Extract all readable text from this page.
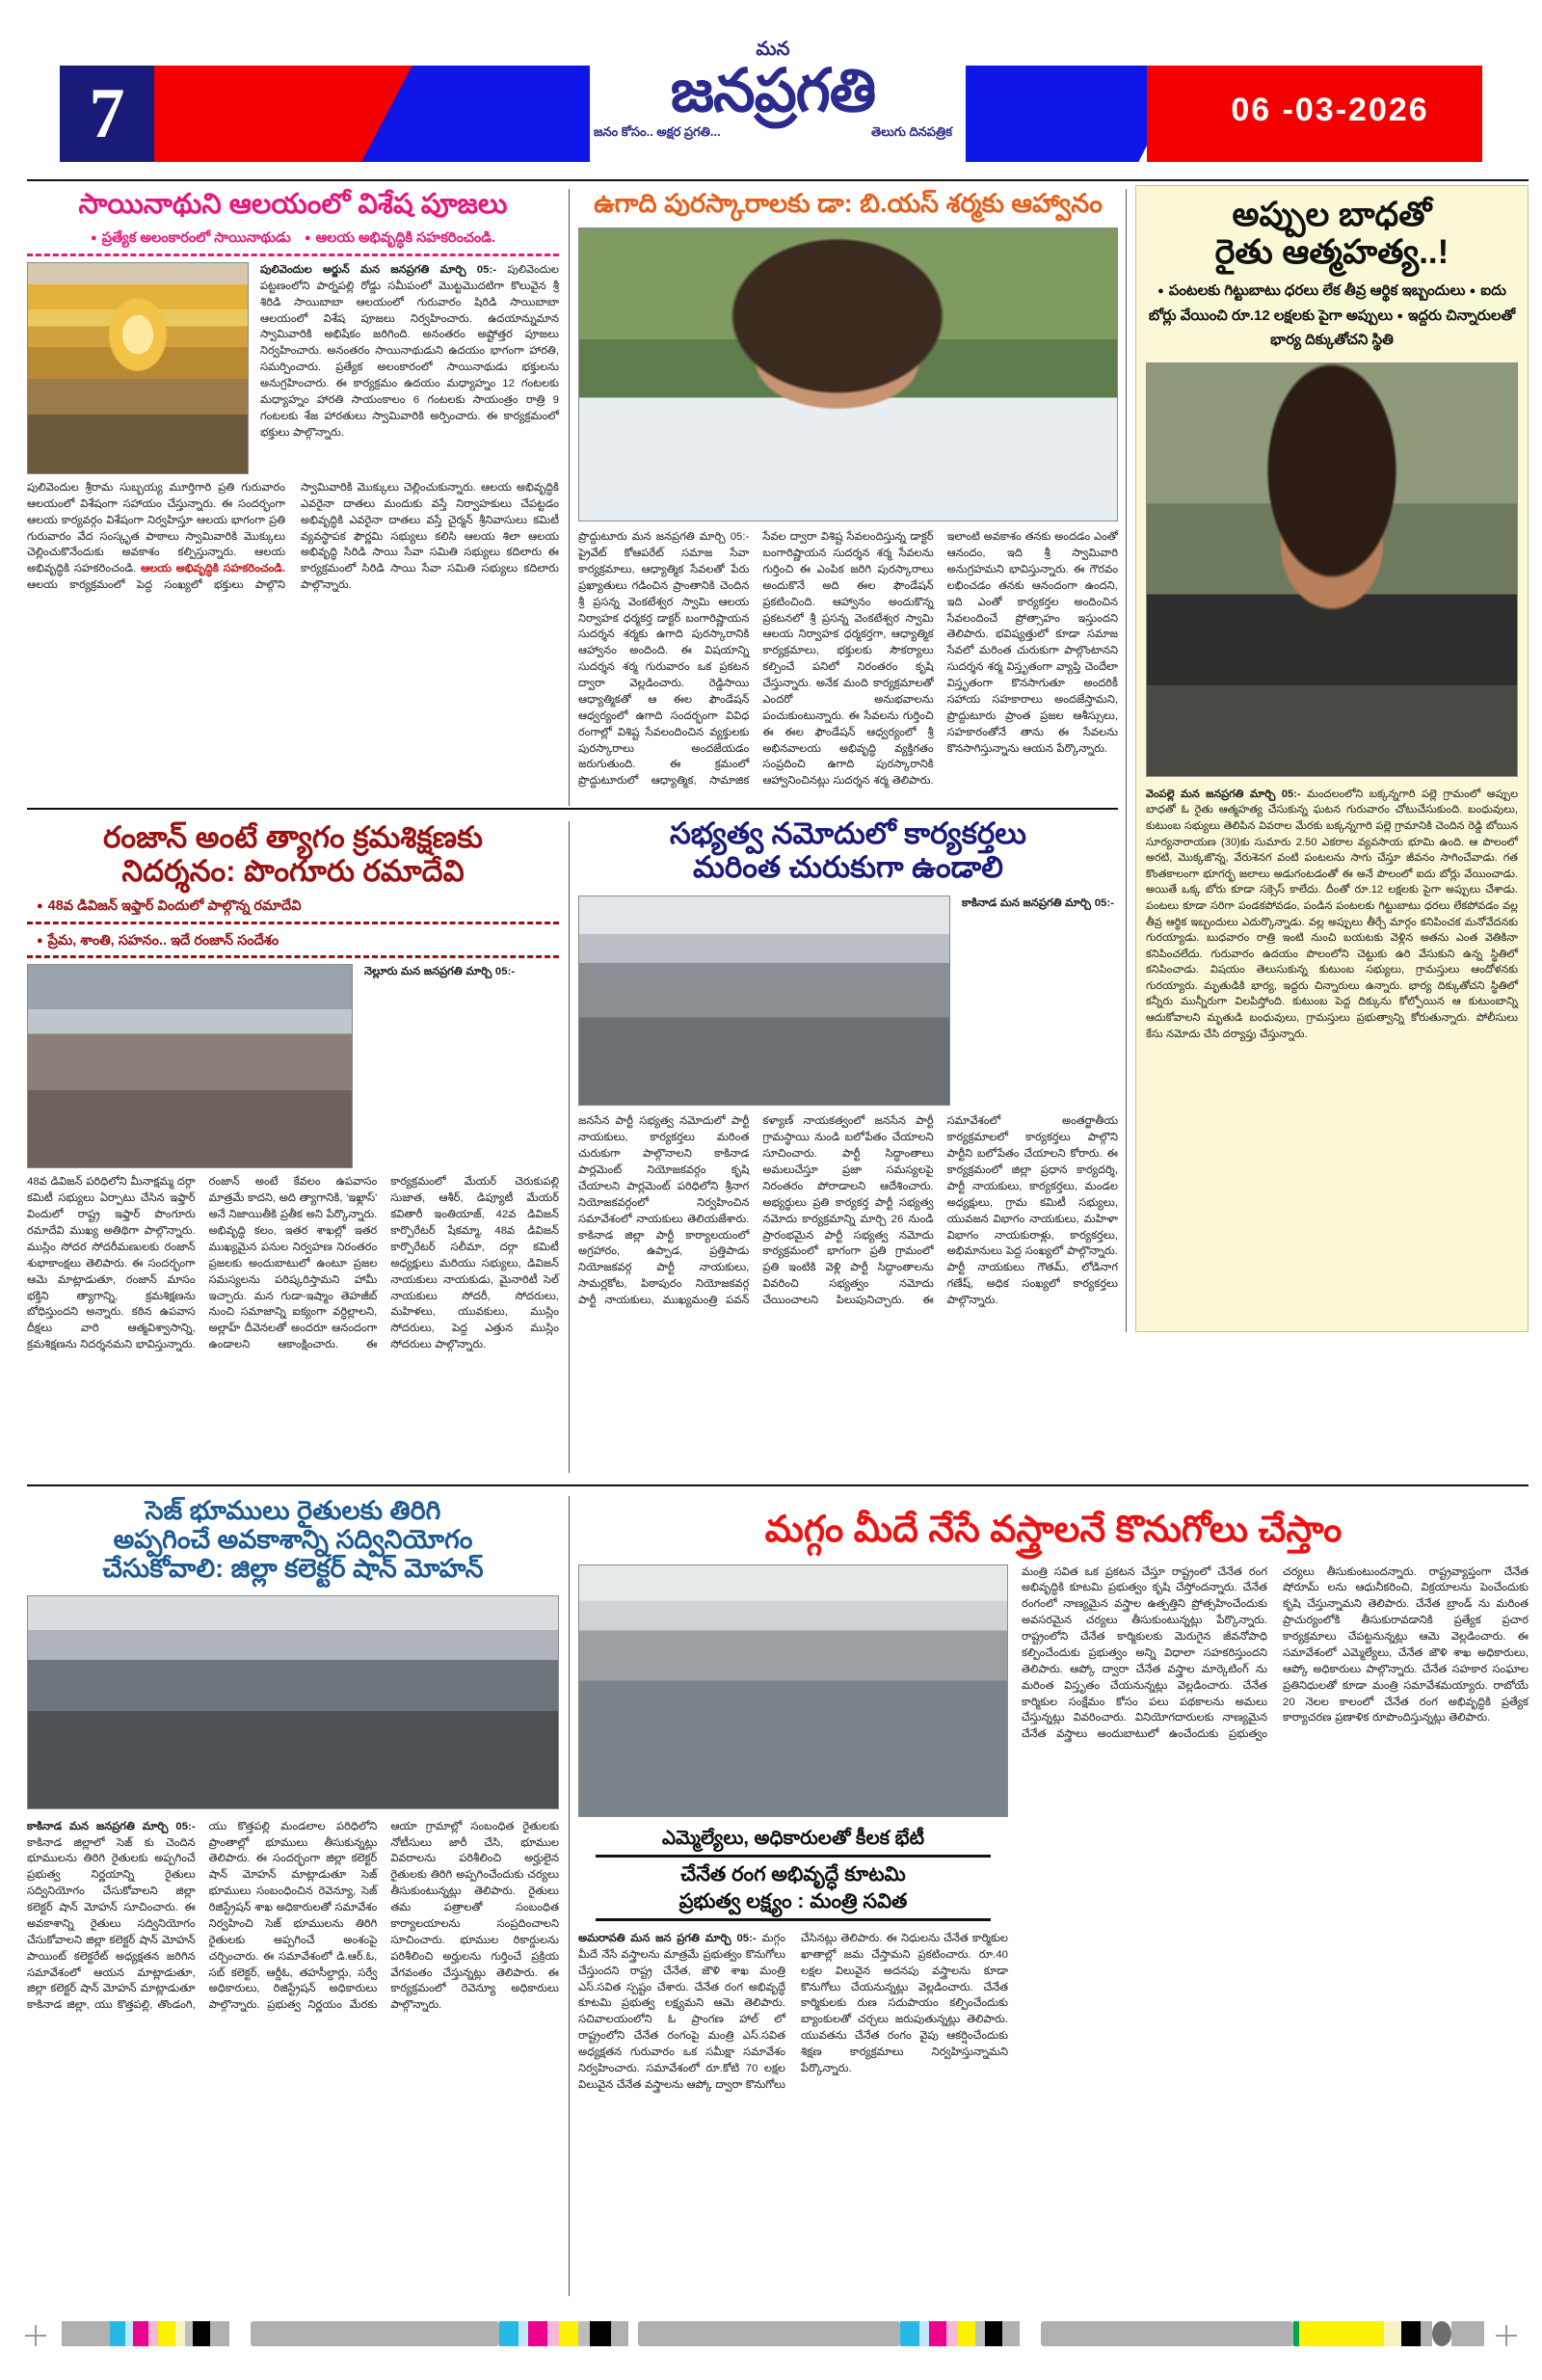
7	06 -03-2026
మన
జనప్రగతి
జనం కోసం.. అక్షర ప్రగతి...	తెలుగు దినపత్రిక
సాయినాథుని ఆలయంలో విశేష పూజలు
● ప్రత్యేక అలంకారంలో సాయినాథుడు ● ఆలయ అభివృద్ధికి సహకరించండి.
పులివెందుల అర్జున్ మన జనప్రగతి మార్చి 05:- పులివెందుల పట్టణంలోని పార్నపల్లి రోడ్డు సమీపంలో మొట్టమొదటిగా కొలువైన శ్రీ శిరిడి సాయిబాబా ఆలయంలో గురువారం షిరిడి సాయిబాబా ఆలయంలో విశేష పూజలు నిర్వహించారు. ఉదయాన్నుమాన స్వామివారికి అభిషేకం జరిగింది. అనంతరం అష్టోత్తర పూజలు నిర్వహించారు. అనంతరం సాయినాథుడుని ఉదయం భాగంగా హారతి, సమర్పించారు. ప్రత్యేక అలంకారంలో సాయినాథుడు భక్తులను అనుగ్రహించారు. ఈ కార్యక్రమం ఉదయం మధ్యాహ్నం 12 గంటలకు మధ్యాహ్నం హారతి సాయంకాలం 6 గంటలకు సాయంత్రం రాత్రి 9 గంటలకు శేజ హారతులు స్వామివారికి అర్పించారు. ఈ కార్యక్రమంలో భక్తులు పాల్గొన్నారు.
పులివెందుల శ్రీరామ సుబ్బయ్య మూర్తిగారి ప్రతి గురువారం ఆలయంలో విశేషంగా సహాయం చేస్తున్నారు. ఈ సందర్భంగా ఆలయ కార్యవర్గం విశేషంగా నిర్వహిస్తూ ఆలయ భాగంగా ప్రతి గురువారం వేద సంస్కృత పాఠాలు స్వామివారికి మొక్కులు చెల్లించుకొనేందుకు అవకాశం కల్పిస్తున్నారు. ఆలయ అభివృద్ధికి సహకరించండి. ఆలయ అభివృద్ధికి సహకరించండి. ఆలయ కార్యక్రమంలో పెద్ద సంఖ్యలో భక్తులు పాల్గొని స్వామివారికి మొక్కులు చెల్లించుకున్నారు. ఆలయ అభివృద్ధికి ఎవరైనా దాతలు మందుకు వస్తే నిర్వాహకులు చేపట్టడం అభివృద్ధికి ఎవరైనా దాతలు వస్తే చైర్మన్ శ్రీనివాసులు కమిటీ వ్యవస్థాపక ఫౌర్ణమి సభ్యులు కలిసి ఆలయ శిలా ఆలయ అభివృద్ధి సిరిడి సాయి సేవా సమితి సభ్యులు కదిలారు ఈ కార్యక్రమంలో సిరిడి సాయి సేవా సమితి సభ్యులు కదిలారు పాల్గొన్నారు.
ఉగాది పురస్కారాలకు డా: బి.యస్ శర్మకు ఆహ్వానం
ప్రొద్దుటూరు మన జనప్రగతి మార్చి 05:- ప్రైవేట్ కోఆపరేట్ సమాజ సేవా కార్యక్రమాలు, ఆధ్యాత్మిక సేవలతో పేరు ప్రఖ్యాతులు గడించిన ప్రాంతానికి చెందిన శ్రీ ప్రసన్న వెంకటేశ్వర స్వామి ఆలయ నిర్వాహక ధర్మకర్త డాక్టర్ బంగారిష్ణాయన సుదర్శన శర్మకు ఉగాది పురస్కారానికి ఆహ్వానం అందింది. ఈ విషయాన్ని సుదర్శన శర్మ గురువారం ఒక ప్రకటన ద్వారా వెల్లడించారు. రెడ్డిసాయి ఆధ్యాత్మికతో ఆ ఈల ఫౌండేషన్ ఆధ్వర్యంలో ఉగాది సందర్భంగా వివిధ రంగాల్లో విశిష్ట సేవలందించిన వ్యక్తులకు పురస్కారాలు అందజేయడం జరుగుతుంది. ఈ క్రమంలో ప్రొద్దుటూరులో ఆధ్యాత్మిక, సామాజిక సేవల ద్వారా విశిష్ట సేవలందిస్తున్న డాక్టర్ బంగారిష్ణాయన సుదర్శన శర్మ సేవలను గుర్తించి ఈ ఎంపిక జరిగి పురస్కారాలు అందుకొనే అది ఈల ఫౌండేషన్ ప్రకటించింది. ఆహ్వానం అందుకొన్న ప్రకటనలో శ్రీ ప్రసన్న వెంకటేశ్వర స్వామి ఆలయ నిర్వాహక ధర్మకర్తగా, ఆధ్యాత్మిక కార్యక్రమాలు, భక్తులకు సౌకర్యాలు కల్పించే పనిలో నిరంతరం కృషి చేస్తున్నారు. అనేక మంది కార్యక్రమాలతో ఎందరో అనుభవాలను పంచుకుంటున్నారు. ఈ సేవలను గుర్తించి ఈ ఈల ఫౌండేషన్ ఆధ్వర్యంలో శ్రీ అభినవాలయ అభివృద్ధి వ్యక్తిగతం సంప్రదించి ఉగాది పురస్కారానికి ఆహ్వానించినట్లు సుదర్శన శర్మ తెలిపారు. ఇలాంటి అవకాశం తనకు అందడం ఎంతో ఆనందం, ఇది శ్రీ స్వామివారి అనుగ్రహమని భావిస్తున్నారు. ఈ గౌరవం లభించడం తనకు ఆనందంగా ఉందని, ఇది ఎంతో కార్యకర్తల అందించిన సేవలందించే ప్రోత్సాహం ఇస్తుందని తెలిపారు. భవిష్యత్తులో కూడా సమాజ సేవలో మరింత చురుకుగా పాల్గొంటానని సుదర్శన శర్మ విస్తృతంగా వ్యాప్తి చెందేలా విస్తృతంగా కొనసాగుతూ అందరికీ సహాయ సహకారాలు అందజేస్తామని, ప్రొద్దుటూరు ప్రాంత ప్రజల ఆశీస్సులు, సహకారంతోనే తాను ఈ సేవలను కొనసాగిస్తున్నాను ఆయన పేర్కొన్నారు.
అప్పుల బాధతో
రైతు ఆత్మహత్య..!
● పంటలకు గిట్టుబాటు ధరలు లేక తీవ్ర ఆర్థిక ఇబ్బందులు ● ఐదు బోర్లు వేయించి రూ.12 లక్షలకు పైగా అప్పులు ● ఇద్దరు చిన్నారులతో భార్య దిక్కుతోచని స్థితి
వెంపల్లె మన జనప్రగతి మార్చి 05:- మందలంలోని బక్కన్నగారి పల్లె గ్రామంలో అప్పుల బాధతో ఓ రైతు ఆత్మహత్య చేసుకున్న ఘటన గురువారం చోటుచేసుకుంది. బంధువులు, కుటుంబ సభ్యులు తెలిపిన వివరాల మేరకు బక్కన్నగారి పల్లె గ్రామానికి చెందిన రెడ్డి బోయిన సూర్యనారాయణ (30)కు సుమారు 2.50 ఎకరాల వ్యవసాయ భూమి ఉంది. ఆ పొలంలో అరటి, మొక్కజొన్న, వేరుశెనగ వంటి పంటలను సాగు చేస్తూ జీవనం సాగించేవాడు. గత కొంతకాలంగా భూగర్భ జలాలు అడుగంటడంతో ఈ అనే పొలంలో ఐదు బోర్లు వేయించాడు. అయితే ఒక్క బోరు కూడా సక్సెస్ కాలేదు. దీంతో రూ.12 లక్షలకు పైగా అప్పులు చేశాడు. పంటలు కూడా సరిగా పండకపోవడం, పండిన పంటలకు గిట్టుబాటు ధరలు లేకపోవడం వల్ల తీవ్ర ఆర్థిక ఇబ్బందులు ఎదుర్కొన్నాడు. వల్ల అప్పులు తీర్చే మార్గం కనిపించక మనోవేదనకు గురయ్యాడు. బుధవారం రాత్రి ఇంటి నుంచి బయటకు వెళ్లిన అతను ఎంత వెతికినా కనిపించలేదు. గురువారం ఉదయం పొలంలోని చెట్టుకు ఉరి వేసుకుని ఉన్న స్థితిలో కనిపించాడు. విషయం తెలుసుకున్న కుటుంబ సభ్యులు, గ్రామస్తులు ఆందోళనకు గురయ్యారు. మృతుడికి భార్య, ఇద్దరు చిన్నారులు ఉన్నారు. భార్య దిక్కుతోచని స్థితిలో కన్నీరు మున్నీరుగా విలపిస్తోంది. కుటుంబ పెద్ద దిక్కును కోల్పోయిన ఆ కుటుంబాన్ని ఆదుకోవాలని మృతుడి బంధువులు, గ్రామస్తులు ప్రభుత్వాన్ని కోరుతున్నారు. పోలీసులు కేసు నమోదు చేసి దర్యాప్తు చేస్తున్నారు.
రంజాన్ అంటే త్యాగం క్రమశిక్షణకు
నిదర్శనం: పొంగూరు రమాదేవి
● 48వ డివిజన్ ఇఫ్తార్ విందులో పాల్గొన్న రమాదేవి
● ప్రేమ, శాంతి, సహనం.. ఇదే రంజాన్ సందేశం
నెల్లూరు మన జనప్రగతి మార్చి 05:-
48వ డివిజన్ పరిధిలోని మీనాక్షమ్మ దర్గా కమిటీ సభ్యులు ఏర్పాటు చేసిన ఇఫ్తార్ విందులో రాష్ట్ర ఇఫ్తార్ పొంగూరు రమాదేవి ముఖ్య అతిథిగా పాల్గొన్నారు. ముస్లిం సోదర సోదరీమణులకు రంజాన్ శుభాకాంక్షలు తెలిపారు. ఈ సందర్భంగా ఆమె మాట్లాడుతూ, రంజాన్ మాసం భక్తిని త్యాగాన్ని, క్రమశిక్షణను బోధిస్తుందని అన్నారు. కఠిన ఉపవాస దీక్షలు వారి ఆత్మవిశ్వాసాన్ని, క్రమశిక్షణను నిదర్శనమని భావిస్తున్నారు. రంజాన్ అంటే కేవలం ఉపవాసం మాత్రమే కాదని, అది త్యాగానికి, 'ఇఖ్లాస్' అనే నిజాయితీకి ప్రతీక అని పేర్కొన్నారు. అభివృద్ధి కలం, ఇతర శాఖల్లో ఇతర ముఖ్యమైన పనుల నిర్వహణ నిరంతరం ప్రజలకు అందుబాటులో ఉంటూ ప్రజల సమస్యలను పరిష్కరిస్తామని హామీ ఇచ్చారు. మన గుడా-ఇష్మాం తెహజీబ్ నుంచి సమాజాన్ని ఐక్యంగా వర్ధిల్లాలని, అల్లాహ్ దీవెనలతో అందరూ ఆనందంగా ఉండాలని ఆకాంక్షించారు. ఈ కార్యక్రమంలో మేయర్ చెరుకుపల్లి సుజాత, ఆశీర్, డిప్యూటీ మేయర్ కవితారీ ఇంతియాజ్, 42వ డివిజన్ కార్పొరేటర్ షేకమ్మా, 48వ డివిజన్ కార్పొరేటర్ సలీమా, దర్గా కమిటీ అధ్యక్షులు మరియు సభ్యులు, డివిజన్ నాయకులు నాయకుడు, మైనారిటీ సెల్ నాయకులు సోదరీ, సోదరులు, మహిళలు, యువకులు, ముస్లిం సోదరులు, పెద్ద ఎత్తున ముస్లిం సోదరులు పాల్గొన్నారు.
సభ్యత్వ నమోదులో కార్యకర్తలు
మరింత చురుకుగా ఉండాలి
కాకినాడ మన జనప్రగతి మార్చి 05:-
జనసేన పార్టీ సభ్యత్వ నమోదులో పార్టీ నాయకులు, కార్యకర్తలు మరింత చురుకుగా పాల్గొనాలని కాకినాడ పార్లమెంట్ నియోజకవర్గం కృషి చేయాలని పార్లమెంట్ పరిధిలోని శ్రీనాగ నియోజకవర్గంలో నిర్వహించిన సమావేశంలో నాయకులు తెలియజేశారు. కాకినాడ జిల్లా పార్టీ కార్యాలయంలో అగ్రహారం, ఉప్పాడ, ప్రత్తిపాడు నియోజకవర్గ పార్టీ నాయకులు, సామర్లకోట, పిఠాపురం నియోజకవర్గ పార్టీ నాయకులు, ముఖ్యమంత్రి పవన్ కళ్యాణ్ నాయకత్వంలో జనసేన పార్టీ గ్రామస్థాయి నుండి బలోపేతం చేయాలని సూచించారు. పార్టీ సిద్ధాంతాలు అమలుచేస్తూ ప్రజా సమస్యలపై నిరంతరం పోరాడాలని ఆదేశించారు. అభ్యర్థులు ప్రతి కార్యకర్త పార్టీ సభ్యత్వ నమోదు కార్యక్రమాన్ని మార్చి 26 నుండి ప్రారంభమైన పార్టీ సభ్యత్వ నమోదు కార్యక్రమంలో భాగంగా ప్రతి గ్రామంలో ప్రతి ఇంటికి వెళ్లి పార్టీ సిద్ధాంతాలను వివరించి సభ్యత్వం నమోదు చేయించాలని పిలుపునిచ్చారు. ఈ సమావేశంలో అంతర్జాతీయ కార్యక్రమాలలో కార్యకర్తలు పాల్గొని పార్టీని బలోపేతం చేయాలని కోరారు. ఈ కార్యక్రమంలో జిల్లా ప్రధాన కార్యదర్శి, పార్టీ నాయకులు, కార్యకర్తలు, మండల అధ్యక్షులు, గ్రామ కమిటీ సభ్యులు, యువజన విభాగం నాయకులు, మహిళా విభాగం నాయకురాళ్లు, కార్యకర్తలు, అభిమానులు పెద్ద సంఖ్యలో పాల్గొన్నారు. పార్టీ నాయకులు గౌతమ్, లోడినాగ గణేష్, అధిక సంఖ్యలో కార్యకర్తలు పాల్గొన్నారు.
సెజ్ భూములు రైతులకు తిరిగి
అప్పగించే అవకాశాన్ని సద్వినియోగం
చేసుకోవాలి: జిల్లా కలెక్టర్ షాన్ మోహన్
కాకినాడ మన జనప్రగతి మార్చి 05:- కాకినాడ జిల్లాలో సెజ్ కు చెందిన భూములను తిరిగి రైతులకు అప్పగించే ప్రభుత్వ నిర్ణయాన్ని రైతులు సద్వినియోగం చేసుకోవాలని జిల్లా కలెక్టర్ షాన్ మోహన్ సూచించారు. ఈ అవకాశాన్ని రైతులు సద్వినియోగం చేసుకోవాలని జిల్లా కలెక్టర్ షాన్ మోహన్ పాయింట్ కలెక్టరేట్ అధ్యక్షతన జరిగిన సమావేశంలో ఆయన మాట్లాడుతూ, జిల్లా కలెక్టర్ షాన్ మోహన్ మాట్లాడుతూ కాకినాడ జిల్లా, యు కొత్తపల్లి, తొండంగి, యు కొత్తపల్లి మండలాల పరిధిలోని ప్రాంతాల్లో భూములు తీసుకున్నట్లు తెలిపారు. ఈ సందర్భంగా జిల్లా కలెక్టర్ షాన్ మోహన్ మాట్లాడుతూ సెజ్ భూములు సంబంధించిన రెవెన్యూ, సెజ్ రిజిస్ట్రేషన్ శాఖ అధికారులతో సమావేశం నిర్వహించి సెజ్ భూములను తిరిగి రైతులకు అప్పగించే అంశంపై చర్చించారు. ఈ సమావేశంలో డి.ఆర్.ఓ, సబ్ కలెక్టర్, ఆర్డీఓ, తహసీల్దార్లు, సర్వే అధికారులు, రిజిస్ట్రేషన్ అధికారులు పాల్గొన్నారు. ప్రభుత్వ నిర్ణయం మేరకు ఆయా గ్రామాల్లో సంబంధిత రైతులకు నోటీసులు జారీ చేసి, భూముల వివరాలను పరిశీలించి అర్హులైన రైతులకు తిరిగి అప్పగించేందుకు చర్యలు తీసుకుంటున్నట్లు తెలిపారు. రైతులు తమ పత్రాలతో సంబంధిత కార్యాలయాలను సంప్రదించాలని సూచించారు. భూముల రికార్డులను పరిశీలించి అర్హులను గుర్తించే ప్రక్రియ వేగవంతం చేస్తున్నట్లు తెలిపారు. ఈ కార్యక్రమంలో రెవెన్యూ అధికారులు పాల్గొన్నారు.
మగ్గం మీదే నేసే వస్త్రాలనే కొనుగోలు చేస్తాం
ఎమ్మెల్యేలు, అధికారులతో కీలక భేటీ
చేనేత రంగ అభివృద్ధే కూటమి
ప్రభుత్వ లక్ష్యం : మంత్రి సవిత
అమరావతి మన జన ప్రగతి మార్చి 05:- మగ్గం మీదే నేసే వస్త్రాలను మాత్రమే ప్రభుత్వం కొనుగోలు చేస్తుందని రాష్ట్ర చేనేత, జౌళి శాఖ మంత్రి ఎస్.సవిత స్పష్టం చేశారు. చేనేత రంగ అభివృద్ధే కూటమి ప్రభుత్వ లక్ష్యమని ఆమె తెలిపారు. సచివాలయంలోని ఓ ప్రాంగణ హాల్ లో రాష్ట్రంలోని చేనేత రంగంపై మంత్రి ఎస్.సవిత అధ్యక్షతన గురువారం ఒక సమీక్షా సమావేశం నిర్వహించారు. సమావేశంలో రూ.కోటి 70 లక్షల విలువైన చేనేత వస్త్రాలను ఆప్కో ద్వారా కొనుగోలు చేసినట్లు తెలిపారు. ఈ నిధులను చేనేత కార్మికుల ఖాతాల్లో జమ చేస్తామని ప్రకటించారు. రూ.40 లక్షల విలువైన అదనపు వస్త్రాలను కూడా కొనుగోలు చేయనున్నట్లు వెల్లడించారు. చేనేత కార్మికులకు రుణ సదుపాయం కల్పించేందుకు బ్యాంకులతో చర్చలు జరుపుతున్నట్లు తెలిపారు. యువతను చేనేత రంగం వైపు ఆకర్షించేందుకు శిక్షణ కార్యక్రమాలు నిర్వహిస్తున్నామని పేర్కొన్నారు.
మంత్రి సవిత ఒక ప్రకటన చేస్తూ రాష్ట్రంలో చేనేత రంగ అభివృద్ధికి కూటమి ప్రభుత్వం కృషి చేస్తోందన్నారు. చేనేత రంగంలో నాణ్యమైన వస్త్రాల ఉత్పత్తిని ప్రోత్సహించేందుకు అవసరమైన చర్యలు తీసుకుంటున్నట్లు పేర్కొన్నారు. రాష్ట్రంలోని చేనేత కార్మికులకు మెరుగైన జీవనోపాధి కల్పించేందుకు ప్రభుత్వం అన్ని విధాలా సహకరిస్తుందని తెలిపారు. ఆప్కో ద్వారా చేనేత వస్త్రాల మార్కెటింగ్ ను మరింత విస్తృతం చేయనున్నట్లు వెల్లడించారు. చేనేత కార్మికుల సంక్షేమం కోసం పలు పథకాలను అమలు చేస్తున్నట్లు వివరించారు. వినియోగదారులకు నాణ్యమైన చేనేత వస్త్రాలు అందుబాటులో ఉంచేందుకు ప్రభుత్వం చర్యలు తీసుకుంటుందన్నారు. రాష్ట్రవ్యాప్తంగా చేనేత షోరూమ్ లను ఆధునీకరించి, విక్రయాలను పెంచేందుకు కృషి చేస్తున్నామని తెలిపారు. చేనేత బ్రాండ్ ను మరింత ప్రాచుర్యంలోకి తీసుకురావడానికి ప్రత్యేక ప్రచార కార్యక్రమాలు చేపట్టనున్నట్లు ఆమె వెల్లడించారు. ఈ సమావేశంలో ఎమ్మెల్యేలు, చేనేత జౌళి శాఖ అధికారులు, ఆప్కో అధికారులు పాల్గొన్నారు. చేనేత సహకార సంఘాల ప్రతినిధులతో కూడా మంత్రి సమావేశమయ్యారు. రాబోయే 20 నెలల కాలంలో చేనేత రంగ అభివృద్ధికి ప్రత్యేక కార్యాచరణ ప్రణాళిక రూపొందిస్తున్నట్లు తెలిపారు.
